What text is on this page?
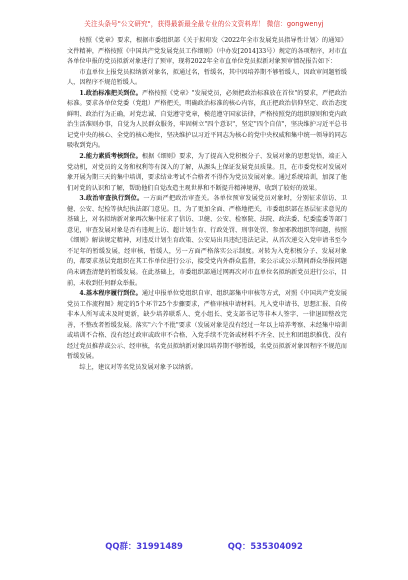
关注头条号"公文研究"，获得最新最全最专业的公文资料库！ 微信：gongwenyj

按照《党章》要求，根据市委组织部《关于拟印发〈2022年全市发展党员指导性计划〉的通知》文件精神，严格按照《中国共产党发展党员工作细则》（中办发[2014]33号）规定的各项程序，对市直各单位申报的党员拟新对象进行了预审，现将2022年全市直单位党员拟新对象预审情况报告如下：

市直单位上报党员拟纳新对象名，拟通过名，暂缓名，其中因培养期不够暂缓人，因政审问题暂缓人，因程序不规范暂缓人。

1.政治标准把关到位。严格按照《党章》"发展党员，必须把政治标准放在首位"的要求，严把政治标准。要求各单位党委（党组）严格把关，明确政治标准的核心内容，真正把政治信仰坚定、政治态度鲜明、政治行为正确，对党忠诚、自觉遵守党章，模范遵守国家法律，严格按照党的组织原则和党内政治生活准则办事，自觉为人民群众服务，牢固树立"四个意识"，坚定"四个自信"，坚决维护习近平总书记党中央的核心、全党的核心地位，坚决维护以习近平同志为核心的党中央权威和集中统一领导的同志吸收到党内。

2.能力素质考核到位。根据《细则》要求，为了提高入党积极分子、发展对象的思想觉悟，端正入党动机，对党员的义务和权利等有深入的了解，从源头上保证发展党员质量。且，在市委党校对发展对象开展为期三天的集中培训，要求结业考试不合格者不得作为党员发展对象。通过系统培训，加深了他们对党的认识和了解，帮助他们自觉改造主观世界和不断提升精神境界，收到了较好的效果。

3.政治审查执行到位。一方面严把政治审查关。各单位预审发展党员对象时，分别征求信访、卫健、公安、纪检等执纪执法部门意见。且，为了更加全面、严格地把关，市委组织部在基层征求意见的基础上，对名拟纳新对象再次集中征求了信访、卫健、公安、检察院、法院、政法委、纪委监委等部门意见，审查发展对象是否有违规上访、超计划生育、行政处罚、刑事处罚、参加邪教组织等问题，按照《细则》解读规定精神，对违反计划生育政策、公安局出具违纪违法记录，从首次递交入党申请书至今不足年的暂缓发展，经审核，暂缓人，另一方面严格落实公示制度。对转为入党积极分子、发展对象的，都要求基层党组织在其工作单位进行公示，接受党内外群众监督，来公示或公示期间群众举报问题尚未调查清楚的暂缓发展。在此基础上，市委组织部通过网再次对市直单位名拟纳新党员进行公示，目前，未收到任何群众举报。

4.基本程序履行到位。通过申报单位党组织自审、组织部集中审核等方式，对照《中国共产党发展党员工作流程图》规定的5个环节25个步骤要求，严格审核申请材料。凡入党申请书、思想汇报、自传非本人所写或未及时更新，缺少培养联系人、党小组长、党支部书记等非本人签字、一律退回整改完善，不整改者暂缓发展。落实"六个不批"要求（发展对象是没有经过一年以上培养考察、未经集中培训或培训不合格、没有经过政审或政审不合格、入党手续不完备或材料不齐全、民主和团组织推优、没有经过党员推荐或公示、经审核，名党员拟纳新对象因培养期不够暂缓，名党员拟新对象因程序不规范而暂缓发展。

综上，建议对等名党员发展对象予以纳新。

QQ群：31991489	QQ：535304092
